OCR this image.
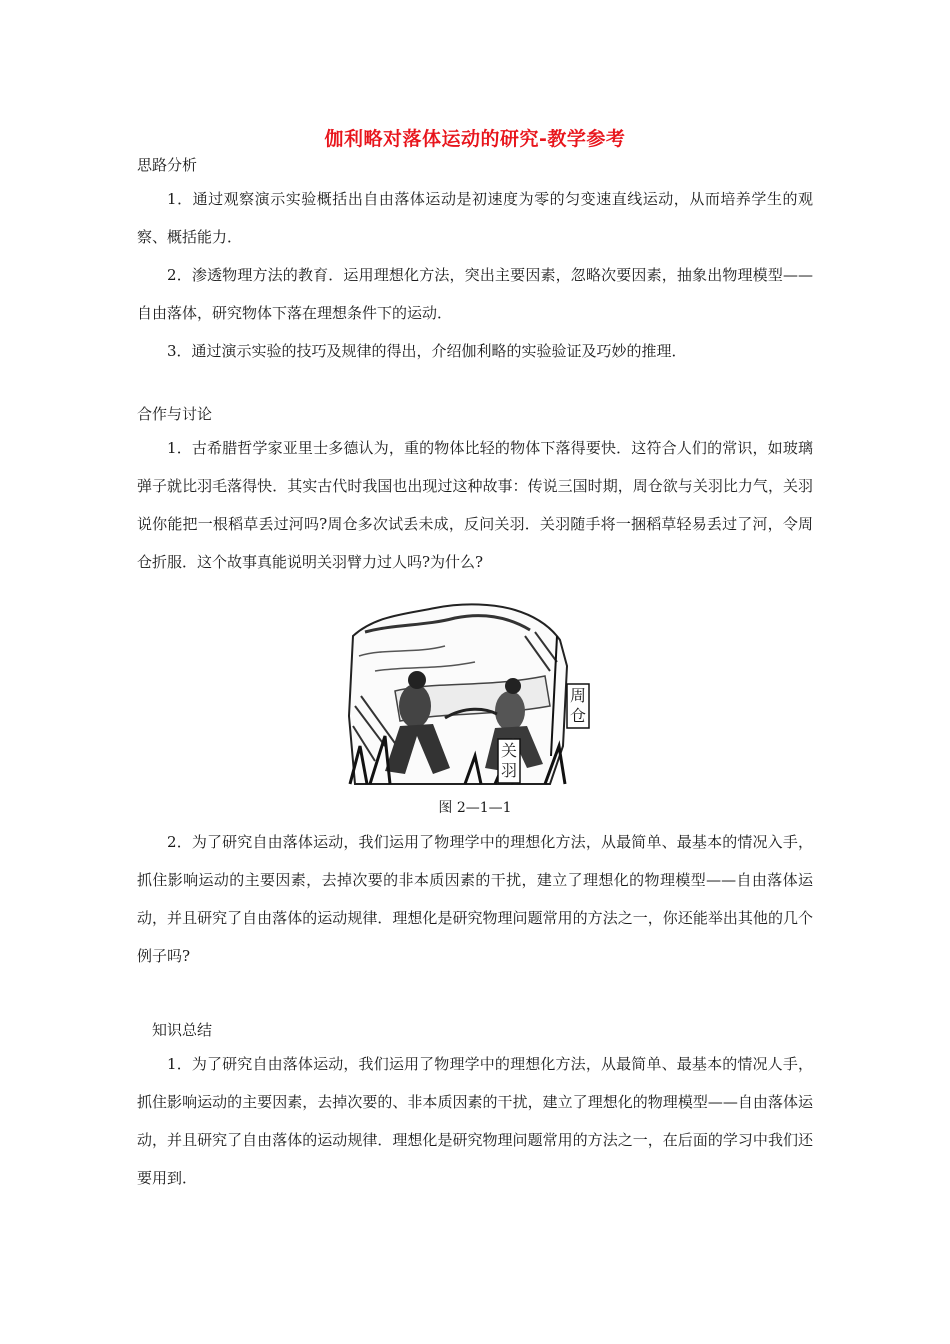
伽利略对落体运动的研究-教学参考
思路分析
1．通过观察演示实验概括出自由落体运动是初速度为零的匀变速直线运动，从而培养学生的观察、概括能力．
2．渗透物理方法的教育．运用理想化方法，突出主要因素，忽略次要因素，抽象出物理模型——自由落体，研究物体下落在理想条件下的运动．
3．通过演示实验的技巧及规律的得出，介绍伽利略的实验验证及巧妙的推理．
合作与讨论
1．古希腊哲学家亚里士多德认为，重的物体比轻的物体下落得要快．这符合人们的常识，如玻璃弹子就比羽毛落得快．其实古代时我国也出现过这种故事：传说三国时期，周仓欲与关羽比力气，关羽说你能把一根稻草丢过河吗?周仓多次试丢未成，反问关羽．关羽随手将一捆稻草轻易丢过了河，令周仓折服．这个故事真能说明关羽臂力过人吗?为什么?
周仓
关羽
图 2—1—1
2．为了研究自由落体运动，我们运用了物理学中的理想化方法，从最简单、最基本的情况入手，抓住影响运动的主要因素，去掉次要的非本质因素的干扰，建立了理想化的物理模型——自由落体运动，并且研究了自由落体的运动规律．理想化是研究物理问题常用的方法之一，你还能举出其他的几个例子吗?
知识总结
1．为了研究自由落体运动，我们运用了物理学中的理想化方法，从最简单、最基本的情况人手，抓住影响运动的主要因素，去掉次要的、非本质因素的干扰，建立了理想化的物理模型——自由落体运动，并且研究了自由落体的运动规律．理想化是研究物理问题常用的方法之一，在后面的学习中我们还要用到．
